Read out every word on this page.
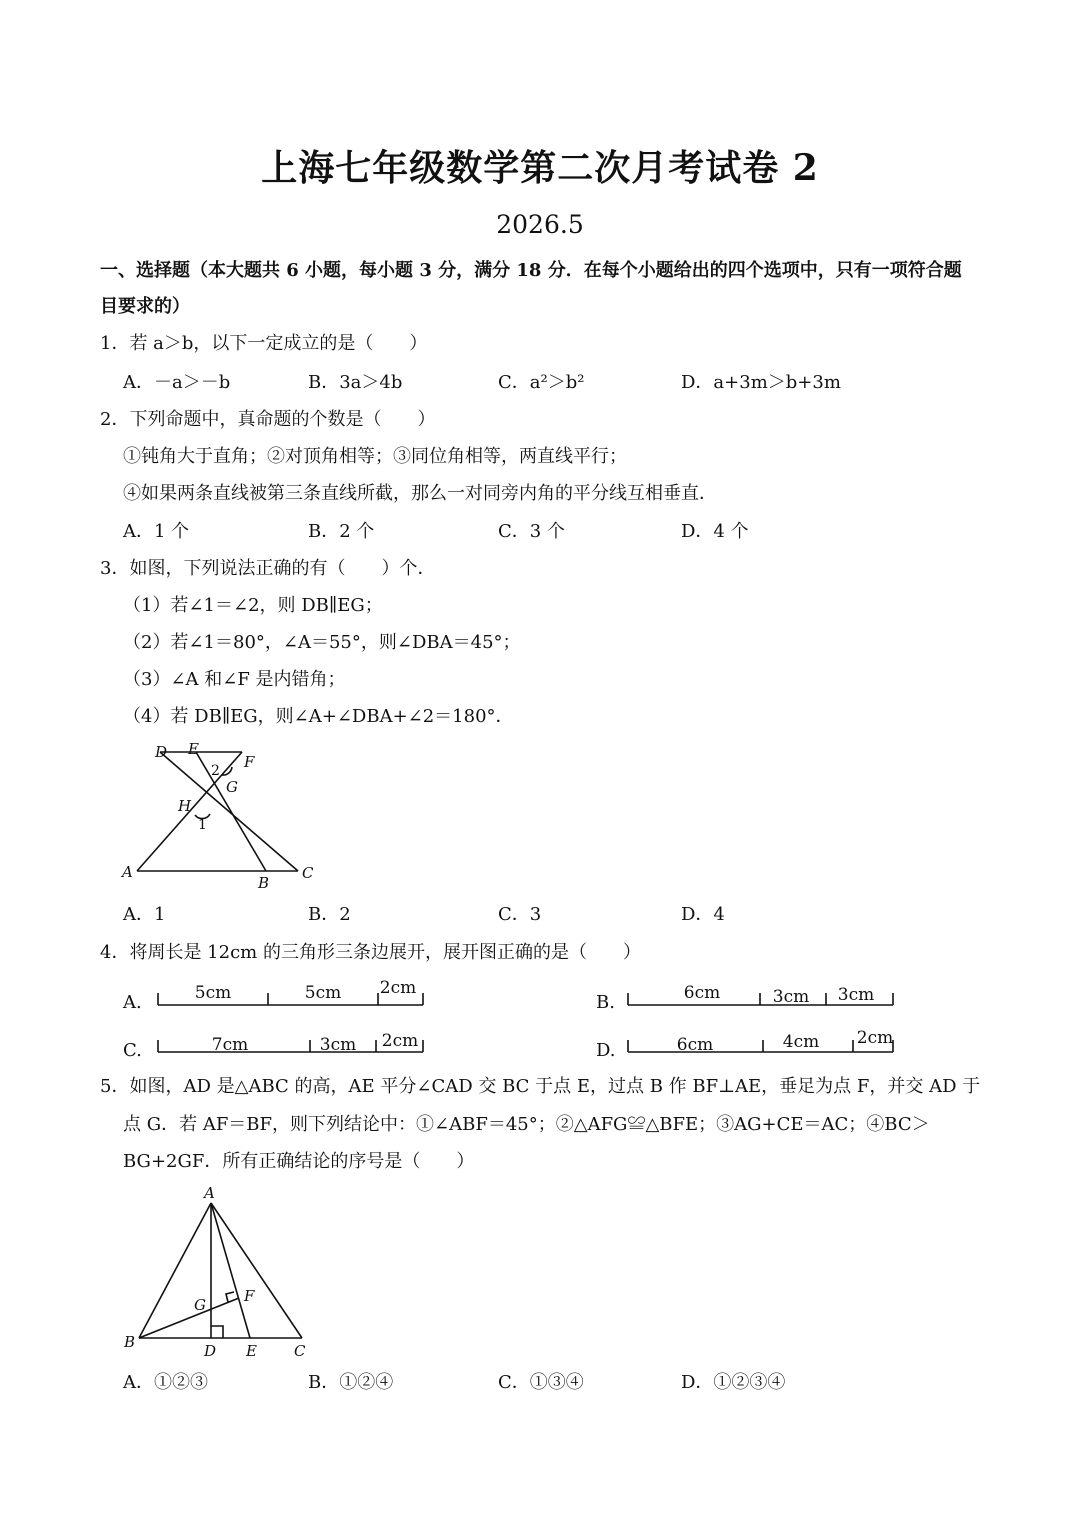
上海七年级数学第二次月考试卷 2
2026.5
一、选择题（本大题共 6 小题，每小题 3 分，满分 18 分．在每个小题给出的四个选项中，只有一项符合题
目要求的）
1．若 a＞b，以下一定成立的是（　　）
A．－a＞－b	B．3a＞4b	C．a²＞b²	D．a+3m＞b+3m
2．下列命题中，真命题的个数是（　　）
①钝角大于直角；②对顶角相等；③同位角相等，两直线平行；
④如果两条直线被第三条直线所截，那么一对同旁内角的平分线互相垂直．
A．1 个	B．2 个	C．3 个	D．4 个
3．如图，下列说法正确的有（　　）个．
（1）若∠1＝∠2，则 DB∥EG；
（2）若∠1＝80°，∠A＝55°，则∠DBA＝45°；
（3）∠A 和∠F 是内错角；
（4）若 DB∥EG，则∠A+∠DBA+∠2＝180°．
D E
F
G
H
A
B
C
2
1
A．1	B．2	C．3	D．4
4．将周长是 12cm 的三角形三条边展开，展开图正确的是（　　）
A.	5cm	5cm 2cm
B.	6cm	3cm 3cm
C.	7cm	3cm 2cm	D.	6cm	4cm 2cm
5．如图，AD 是△ABC 的高，AE 平分∠CAD 交 BC 于点 E，过点 B 作 BF⊥AE，垂足为点 F，并交 AD 于
点 G．若 AF＝BF，则下列结论中：①∠ABF＝45°；②△AFG≌△BFE；③AG+CE＝AC；④BC＞
BG+2GF．所有正确结论的序号是（　　）
A
B	C
D E
F
G
A．①②③	B．①②④	C．①③④	D．①②③④
